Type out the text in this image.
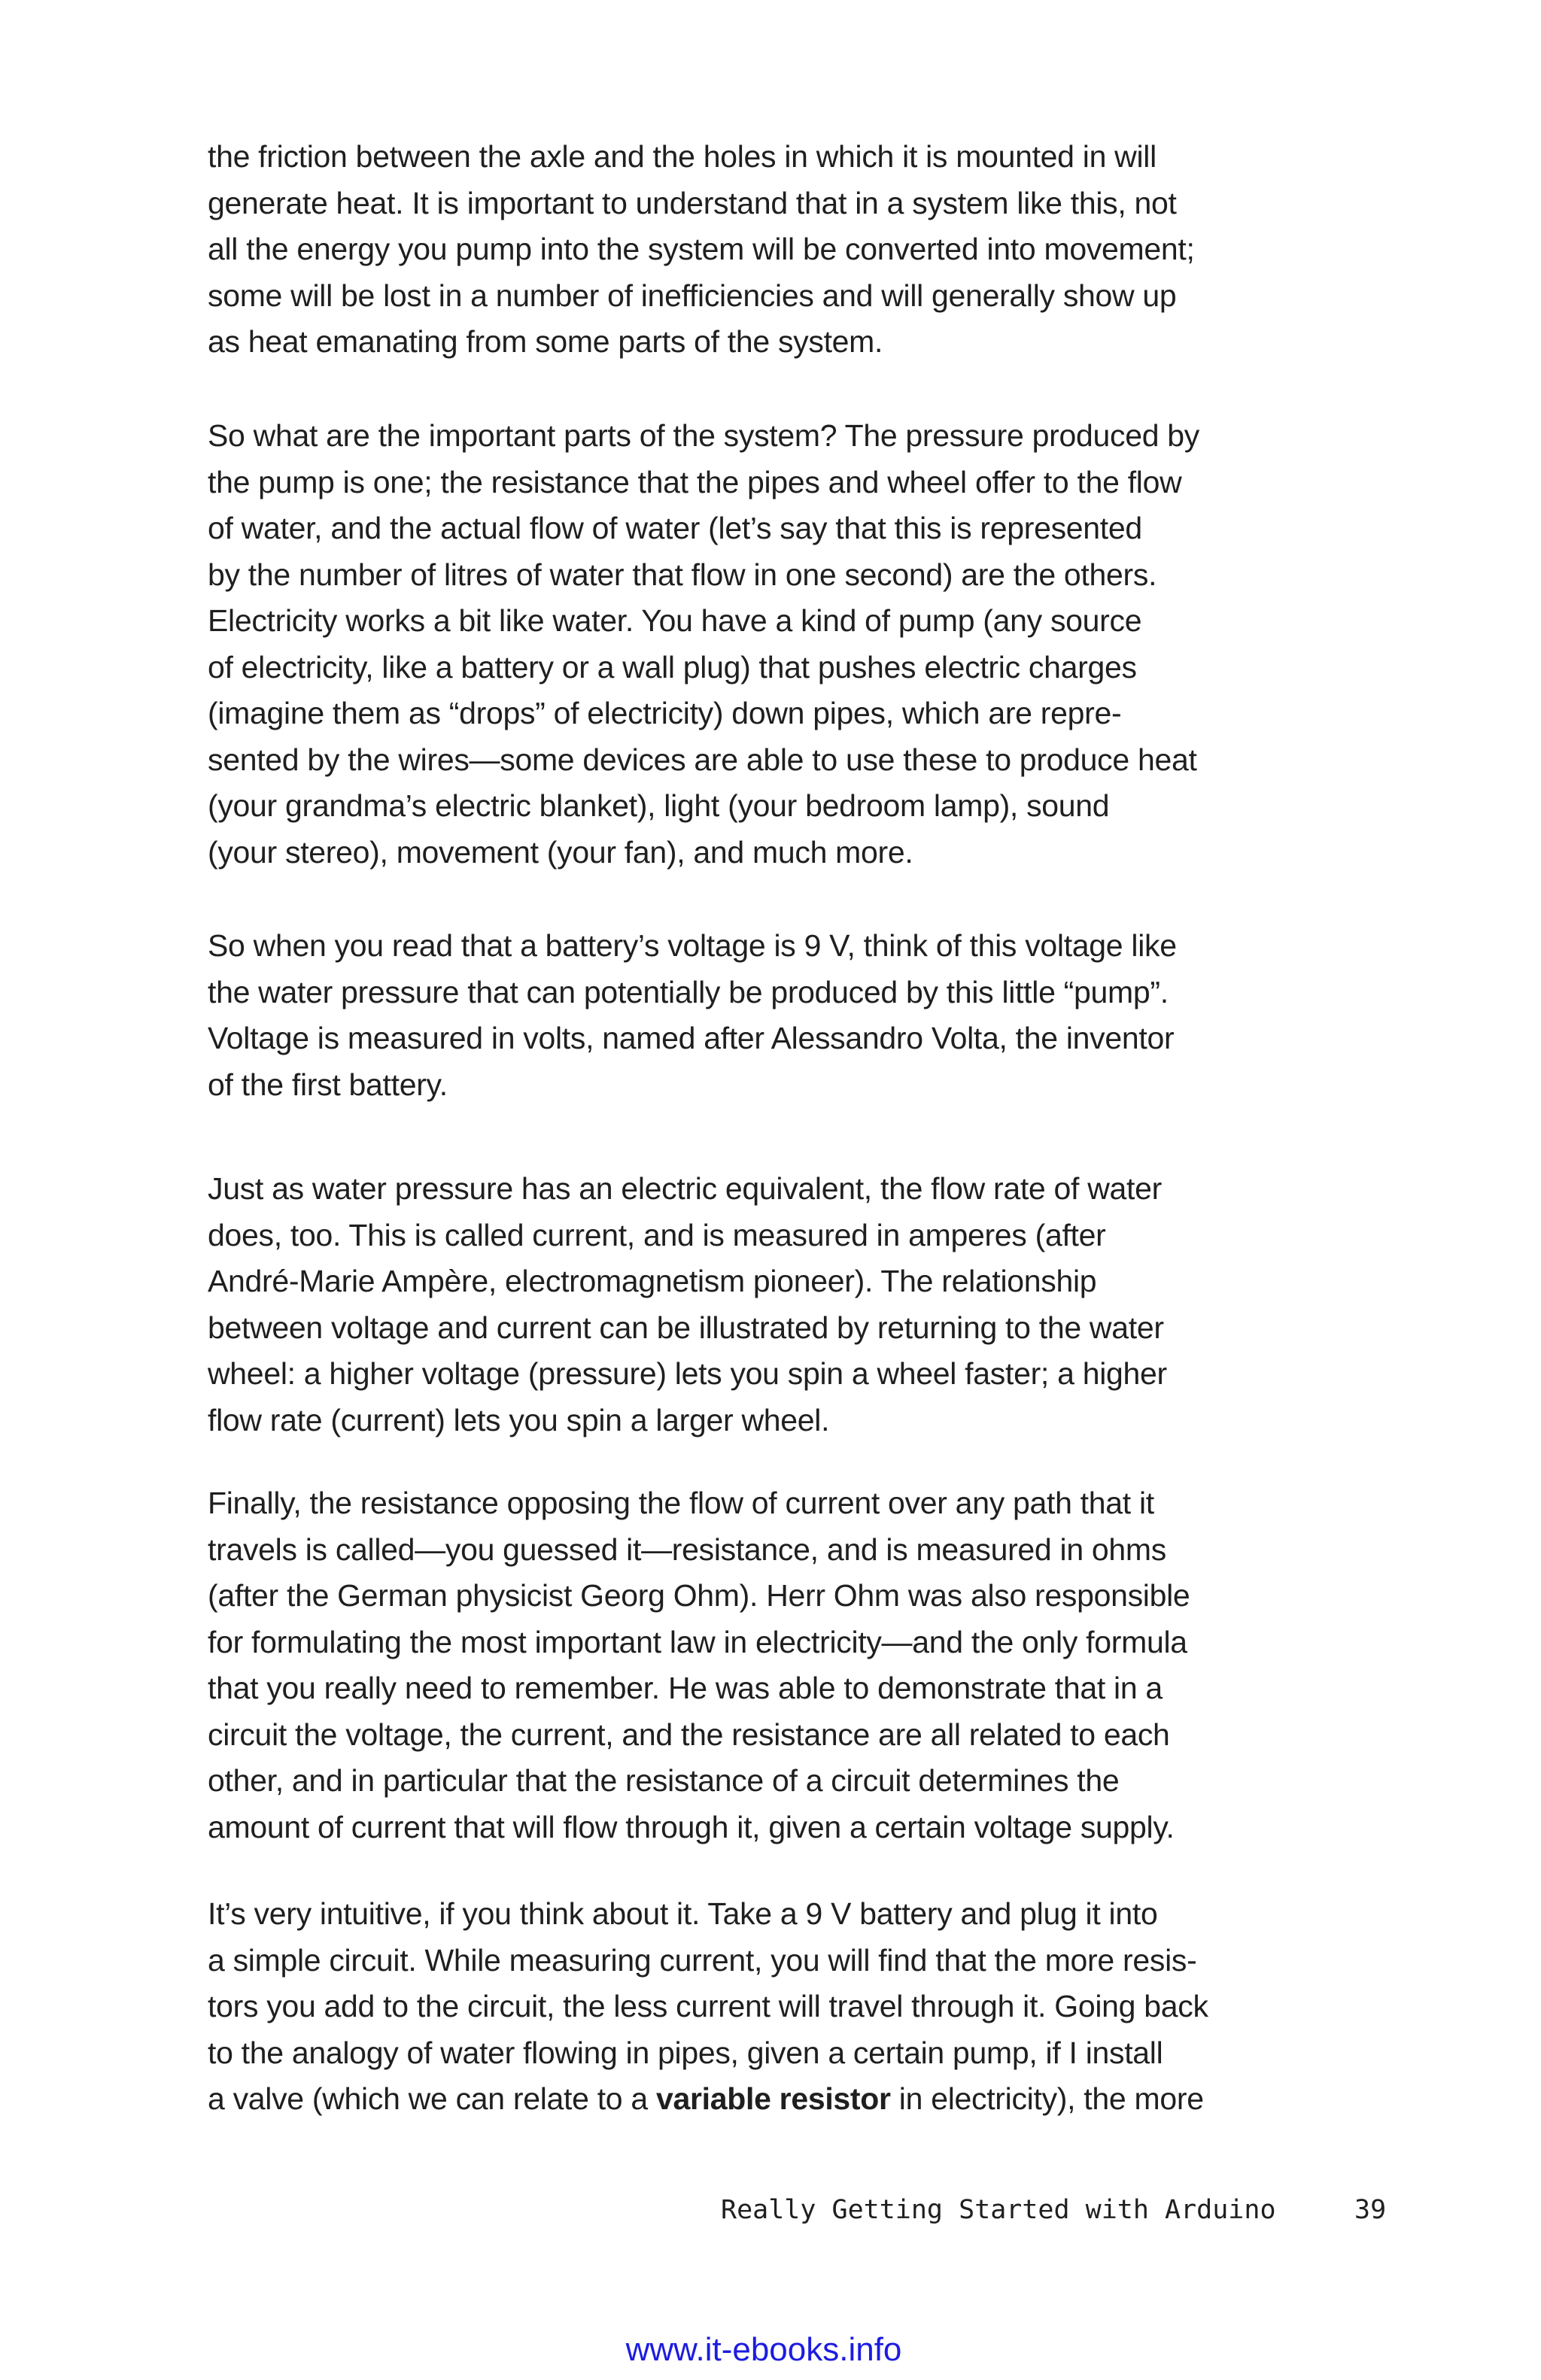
the friction between the axle and the holes in which it is mounted in will
generate heat. It is important to understand that in a system like this, not
all the energy you pump into the system will be converted into movement;
some will be lost in a number of inefficiencies and will generally show up
as heat emanating from some parts of the system.
So what are the important parts of the system? The pressure produced by
the pump is one; the resistance that the pipes and wheel offer to the flow
of water, and the actual flow of water (let’s say that this is represented
by the number of litres of water that flow in one second) are the others.
Electricity works a bit like water. You have a kind of pump (any source
of electricity, like a battery or a wall plug) that pushes electric charges
(imagine them as “drops” of electricity) down pipes, which are repre-
sented by the wires—some devices are able to use these to produce heat
(your grandma’s electric blanket), light (your bedroom lamp), sound
(your stereo), movement (your fan), and much more.
So when you read that a battery’s voltage is 9 V, think of this voltage like
the water pressure that can potentially be produced by this little “pump”.
Voltage is measured in volts, named after Alessandro Volta, the inventor
of the first battery.
Just as water pressure has an electric equivalent, the flow rate of water
does, too. This is called current, and is measured in amperes (after
André-Marie Ampère, electromagnetism pioneer). The relationship
between voltage and current can be illustrated by returning to the water
wheel: a higher voltage (pressure) lets you spin a wheel faster; a higher
flow rate (current) lets you spin a larger wheel.
Finally, the resistance opposing the flow of current over any path that it
travels is called—you guessed it—resistance, and is measured in ohms
(after the German physicist Georg Ohm). Herr Ohm was also responsible
for formulating the most important law in electricity—and the only formula
that you really need to remember. He was able to demonstrate that in a
circuit the voltage, the current, and the resistance are all related to each
other, and in particular that the resistance of a circuit determines the
amount of current that will flow through it, given a certain voltage supply.
It’s very intuitive, if you think about it. Take a 9 V battery and plug it into
a simple circuit. While measuring current, you will find that the more resis-
tors you add to the circuit, the less current will travel through it. Going back
to the analogy of water flowing in pipes, given a certain pump, if I install
a valve (which we can relate to a variable resistor in electricity), the more
Really Getting Started with Arduino	39
www.it-ebooks.info
